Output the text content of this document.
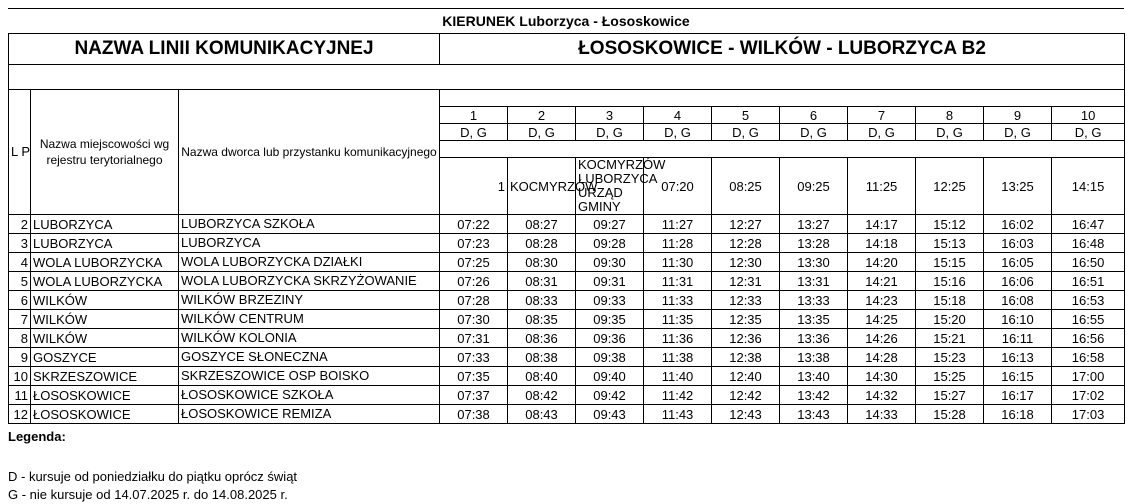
KIERUNEK Luborzyca - Łososkowice
NAZWA LINII KOMUNIKACYJNEJ			ŁOSOSKOWICE - WILKÓW - LUBORZYCA B2										

L P	Nazwa miejscowości wg rejestru terytorialnego	Nazwa dworca lub przystanku komunikacyjnego											
			1	2	3	4	5	6	7	8	9	10	
			D, G	D, G	D, G	D, G	D, G	D, G	D, G	D, G	D, G	D, G	

			1	KOCMYRZÓW	KOCMYRZÓW LUBORZYCA URZĄD GMINY	07:20	08:25	09:25	11:25	12:25	13:25	14:15			
2	LUBORZYCA	LUBORZYCA SZKOŁA	07:22	08:27	09:27	11:27	12:27	13:27	14:17	15:12	16:02	16:47	
3	LUBORZYCA	LUBORZYCA	07:23	08:28	09:28	11:28	12:28	13:28	14:18	15:13	16:03	16:48	
4	WOLA LUBORZYCKA	WOLA LUBORZYCKA DZIAŁKI	07:25	08:30	09:30	11:30	12:30	13:30	14:20	15:15	16:05	16:50	
5	WOLA LUBORZYCKA	WOLA LUBORZYCKA SKRZYŻOWANIE	07:26	08:31	09:31	11:31	12:31	13:31	14:21	15:16	16:06	16:51	
6	WILKÓW	WILKÓW BRZEZINY	07:28	08:33	09:33	11:33	12:33	13:33	14:23	15:18	16:08	16:53	
7	WILKÓW	WILKÓW CENTRUM	07:30	08:35	09:35	11:35	12:35	13:35	14:25	15:20	16:10	16:55	
8	WILKÓW	WILKÓW KOLONIA	07:31	08:36	09:36	11:36	12:36	13:36	14:26	15:21	16:11	16:56	
9	GOSZYCE	GOSZYCE SŁONECZNA	07:33	08:38	09:38	11:38	12:38	13:38	14:28	15:23	16:13	16:58	
10	SKRZESZOWICE	SKRZESZOWICE OSP BOISKO	07:35	08:40	09:40	11:40	12:40	13:40	14:30	15:25	16:15	17:00	
11	ŁOSOSKOWICE	ŁOSOSKOWICE SZKOŁA	07:37	08:42	09:42	11:42	12:42	13:42	14:32	15:27	16:17	17:02	
12	ŁOSOSKOWICE	ŁOSOSKOWICE REMIZA	07:38	08:43	09:43	11:43	12:43	13:43	14:33	15:28	16:18	17:03	
Legenda:
D - kursuje od poniedziałku do piątku oprócz świąt
G - nie kursuje od 14.07.2025 r. do 14.08.2025 r.
